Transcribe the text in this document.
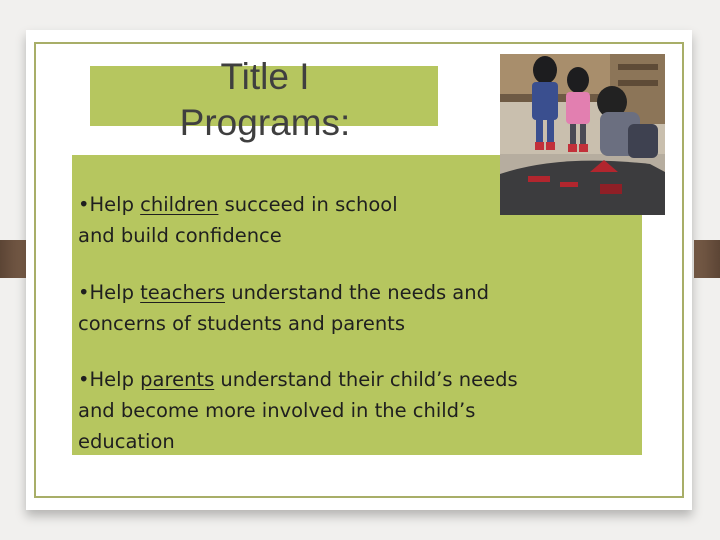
Title I
Programs:

•Help children succeed in school
and build confidence

•Help teachers understand the needs and
concerns of students and parents

•Help parents understand their child’s needs
and become more involved in the child’s
education
